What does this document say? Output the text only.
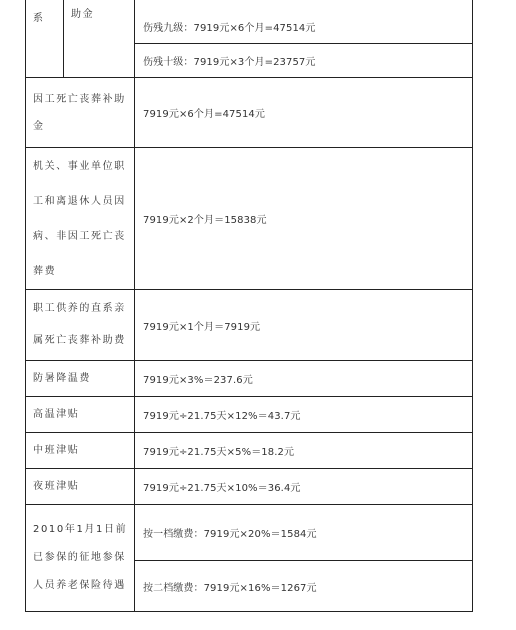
系	助金	伤残九级：7919元×6个月=47514元
		伤残十级：7919元×3个月=23757元
因工死亡丧葬补助金		7919元×6个月=47514元
机关、事业单位职工和离退休人员因病、非因工死亡丧葬费		7919元×2个月＝15838元
职工供养的直系亲属死亡丧葬补助费		7919元×1个月＝7919元
防暑降温费		7919元×3%＝237.6元
高温津贴		7919元÷21.75天×12%＝43.7元
中班津贴		7919元÷21.75天×5%＝18.2元
夜班津贴		7919元÷21.75天×10%＝36.4元
2010年1月1日前已参保的征地参保人员养老保险待遇		按一档缴费：7919元×20%＝1584元
		按二档缴费：7919元×16%＝1267元
